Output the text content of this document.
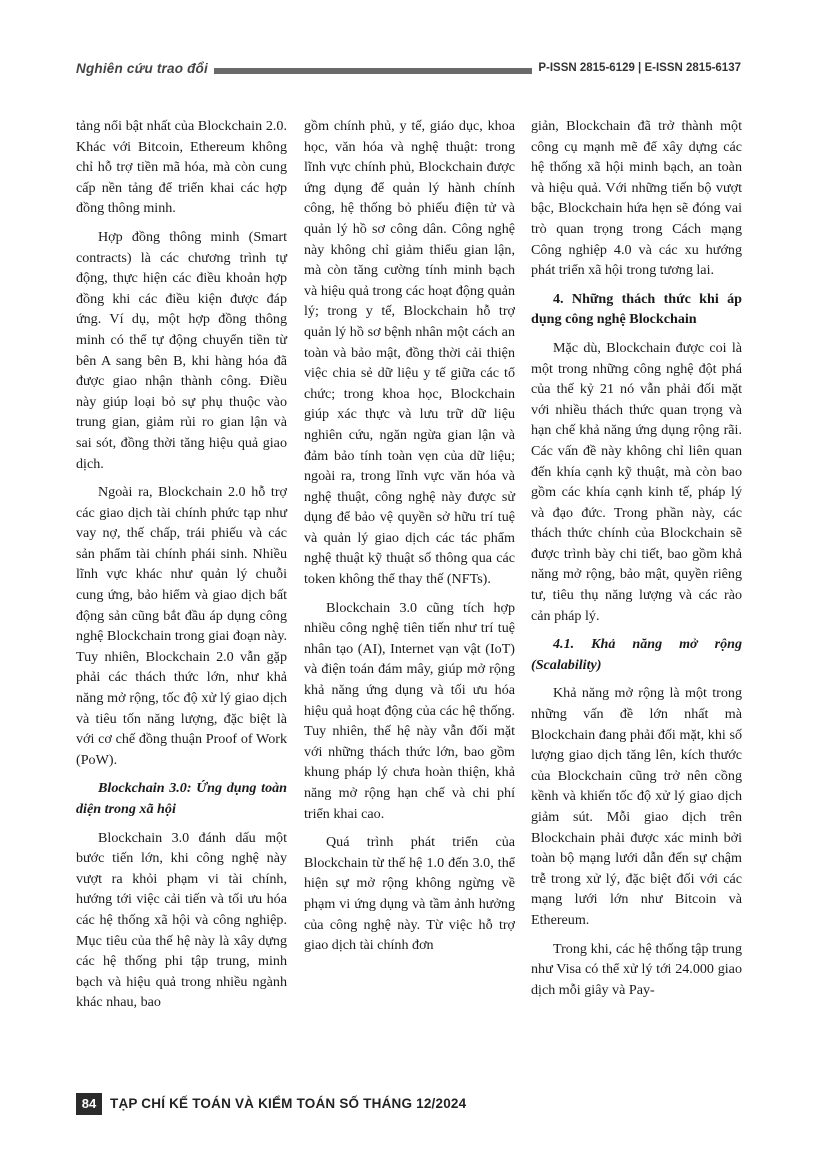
Nghiên cứu trao đổi	P-ISSN 2815-6129 | E-ISSN 2815-6137

tảng nổi bật nhất của Blockchain 2.0. Khác với Bitcoin, Ethereum không chỉ hỗ trợ tiền mã hóa, mà còn cung cấp nền tảng để triển khai các hợp đồng thông minh.

Hợp đồng thông minh (Smart contracts) là các chương trình tự động, thực hiện các điều khoản hợp đồng khi các điều kiện được đáp ứng. Ví dụ, một hợp đồng thông minh có thể tự động chuyển tiền từ bên A sang bên B, khi hàng hóa đã được giao nhận thành công. Điều này giúp loại bỏ sự phụ thuộc vào trung gian, giảm rủi ro gian lận và sai sót, đồng thời tăng hiệu quả giao dịch.

Ngoài ra, Blockchain 2.0 hỗ trợ các giao dịch tài chính phức tạp như vay nợ, thế chấp, trái phiếu và các sản phẩm tài chính phái sinh. Nhiều lĩnh vực khác như quản lý chuỗi cung ứng, bảo hiểm và giao dịch bất động sản cũng bắt đầu áp dụng công nghệ Blockchain trong giai đoạn này. Tuy nhiên, Blockchain 2.0 vẫn gặp phải các thách thức lớn, như khả năng mở rộng, tốc độ xử lý giao dịch và tiêu tốn năng lượng, đặc biệt là với cơ chế đồng thuận Proof of Work (PoW).

Blockchain 3.0: Ứng dụng toàn diện trong xã hội

Blockchain 3.0 đánh dấu một bước tiến lớn, khi công nghệ này vượt ra khỏi phạm vi tài chính, hướng tới việc cải tiến và tối ưu hóa các hệ thống xã hội và công nghiệp. Mục tiêu của thế hệ này là xây dựng các hệ thống phi tập trung, minh bạch và hiệu quả trong nhiều ngành khác nhau, bao

gồm chính phủ, y tế, giáo dục, khoa học, văn hóa và nghệ thuật: trong lĩnh vực chính phủ, Blockchain được ứng dụng để quản lý hành chính công, hệ thống bỏ phiếu điện tử và quản lý hồ sơ công dân. Công nghệ này không chỉ giảm thiểu gian lận, mà còn tăng cường tính minh bạch và hiệu quả trong các hoạt động quản lý; trong y tế, Blockchain hỗ trợ quản lý hồ sơ bệnh nhân một cách an toàn và bảo mật, đồng thời cải thiện việc chia sẻ dữ liệu y tế giữa các tổ chức; trong khoa học, Blockchain giúp xác thực và lưu trữ dữ liệu nghiên cứu, ngăn ngừa gian lận và đảm bảo tính toàn vẹn của dữ liệu; ngoài ra, trong lĩnh vực văn hóa và nghệ thuật, công nghệ này được sử dụng để bảo vệ quyền sở hữu trí tuệ và quản lý giao dịch các tác phẩm nghệ thuật kỹ thuật số thông qua các token không thể thay thế (NFTs).

Blockchain 3.0 cũng tích hợp nhiều công nghệ tiên tiến như trí tuệ nhân tạo (AI), Internet vạn vật (IoT) và điện toán đám mây, giúp mở rộng khả năng ứng dụng và tối ưu hóa hiệu quả hoạt động của các hệ thống. Tuy nhiên, thế hệ này vẫn đối mặt với những thách thức lớn, bao gồm khung pháp lý chưa hoàn thiện, khả năng mở rộng hạn chế và chi phí triển khai cao.

Quá trình phát triển của Blockchain từ thế hệ 1.0 đến 3.0, thể hiện sự mở rộng không ngừng về phạm vi ứng dụng và tầm ảnh hưởng của công nghệ này. Từ việc hỗ trợ giao dịch tài chính đơn

giản, Blockchain đã trở thành một công cụ mạnh mẽ để xây dựng các hệ thống xã hội minh bạch, an toàn và hiệu quả. Với những tiến bộ vượt bậc, Blockchain hứa hẹn sẽ đóng vai trò quan trọng trong Cách mạng Công nghiệp 4.0 và các xu hướng phát triển xã hội trong tương lai.

4. Những thách thức khi áp dụng công nghệ Blockchain

Mặc dù, Blockchain được coi là một trong những công nghệ đột phá của thế kỷ 21 nó vẫn phải đối mặt với nhiều thách thức quan trọng và hạn chế khả năng ứng dụng rộng rãi. Các vấn đề này không chỉ liên quan đến khía cạnh kỹ thuật, mà còn bao gồm các khía cạnh kinh tế, pháp lý và đạo đức. Trong phần này, các thách thức chính của Blockchain sẽ được trình bày chi tiết, bao gồm khả năng mở rộng, bảo mật, quyền riêng tư, tiêu thụ năng lượng và các rào cản pháp lý.

4.1. Khả năng mở rộng (Scalability)

Khả năng mở rộng là một trong những vấn đề lớn nhất mà Blockchain đang phải đối mặt, khi số lượng giao dịch tăng lên, kích thước của Blockchain cũng trở nên cồng kềnh và khiến tốc độ xử lý giao dịch giảm sút. Mỗi giao dịch trên Blockchain phải được xác minh bởi toàn bộ mạng lưới dẫn đến sự chậm trễ trong xử lý, đặc biệt đối với các mạng lưới lớn như Bitcoin và Ethereum.

Trong khi, các hệ thống tập trung như Visa có thể xử lý tới 24.000 giao dịch mỗi giây và Pay-

84	TẠP CHÍ KẾ TOÁN VÀ KIỂM TOÁN SỐ THÁNG 12/2024
